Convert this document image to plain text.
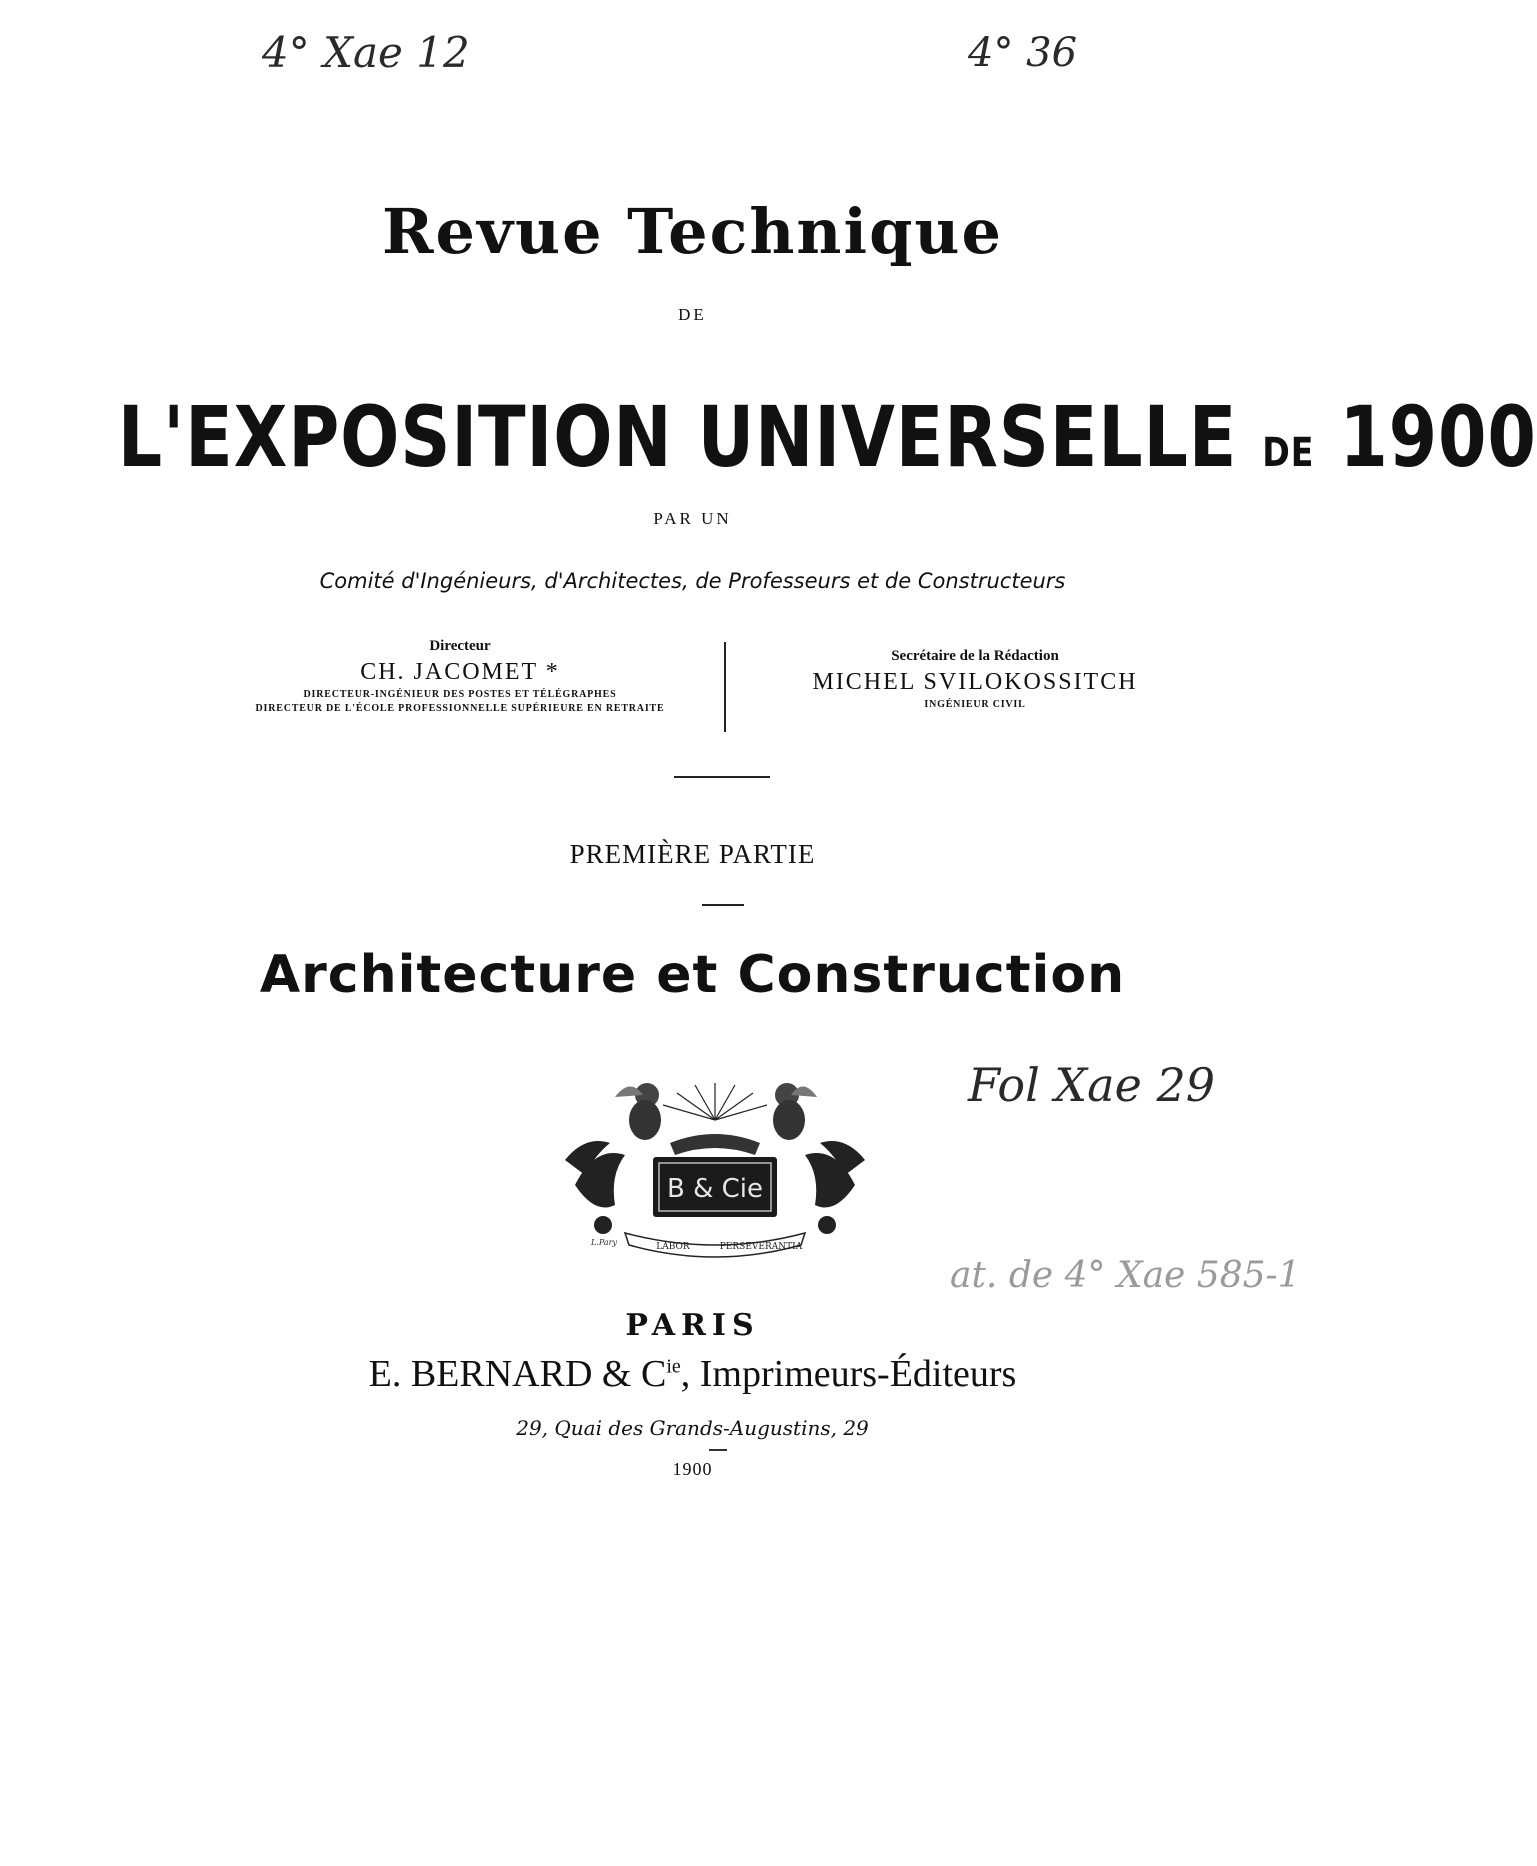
4° Xae 12	4° 36
Fol Xae 29
at. de 4° Xae 585-1
Revue Technique
DE
L'EXPOSITION UNIVERSELLE DE 1900
PAR UN
Comité d'Ingénieurs, d'Architectes, de Professeurs et de Constructeurs
Directeur
CH. JACOMET *
DIRECTEUR-INGÉNIEUR DES POSTES ET TÉLÉGRAPHES
DIRECTEUR DE L'ÉCOLE PROFESSIONNELLE SUPÉRIEURE EN RETRAITE
Secrétaire de la Rédaction
MICHEL SVILOKOSSITCH
INGÉNIEUR CIVIL
PREMIÈRE PARTIE
Architecture et Construction
B & Cie
LABOR	PERSEVERANTIA
L.Pary
PARIS
E. BERNARD & $C^{ie}$, Imprimeurs-Éditeurs
29, Quai des Grands-Augustins, 29
1900
